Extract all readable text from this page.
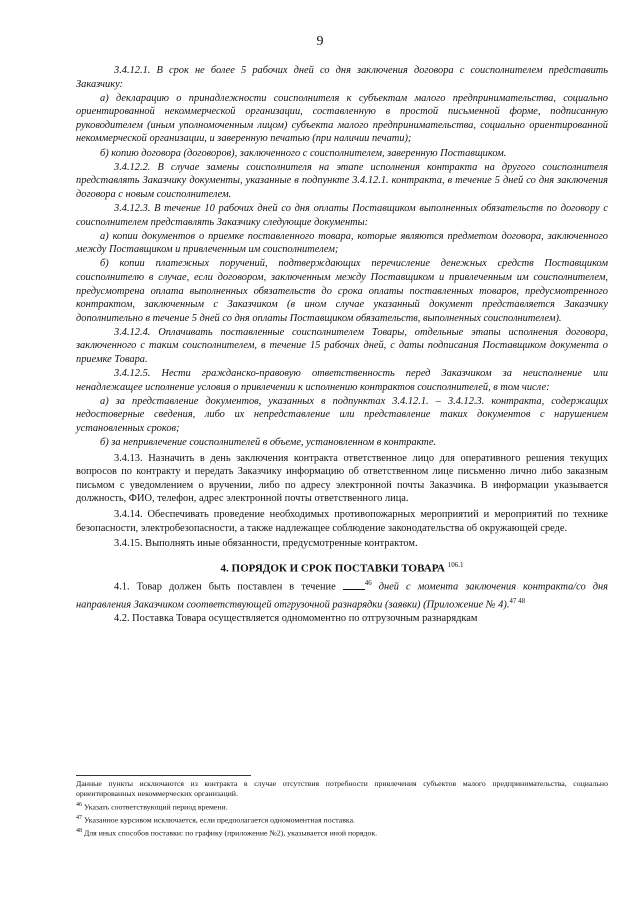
9

3.4.12.1. В срок не более 5 рабочих дней со дня заключения договора с соисполнителем представить Заказчику:

а) декларацию о принадлежности соисполнителя к субъектам малого предпринимательства, социально ориентированной некоммерческой организации, составленную в простой письменной форме, подписанную руководителем (иным уполномоченным лицом) субъекта малого предпринимательства, социально ориентированной некоммерческой организации, и заверенную печатью (при наличии печати);

б) копию договора (договоров), заключенного с соисполнителем, заверенную Поставщиком.

3.4.12.2. В случае замены соисполнителя на этапе исполнения контракта на другого соисполнителя представлять Заказчику документы, указанные в подпункте 3.4.12.1. контракта, в течение 5 дней со дня заключения договора с новым соисполнителем.

3.4.12.3. В течение 10 рабочих дней со дня оплаты Поставщиком выполненных обязательств по договору с соисполнителем представлять Заказчику следующие документы:

а) копии документов о приемке поставленного товара, которые являются предметом договора, заключенного между Поставщиком и привлеченным им соисполнителем;

б) копии платежных поручений, подтверждающих перечисление денежных средств Поставщиком соисполнителю в случае, если договором, заключенным между Поставщиком и привлеченным им соисполнителем, предусмотрена оплата выполненных обязательств до срока оплаты поставленных товаров, предусмотренного контрактом, заключенным с Заказчиком (в ином случае указанный документ представляется Заказчику дополнительно в течение 5 дней со дня оплаты Поставщиком обязательств, выполненных соисполнителем).

3.4.12.4. Оплачивать поставленные соисполнителем Товары, отдельные этапы исполнения договора, заключенного с таким соисполнителем, в течение 15 рабочих дней, с даты подписания Поставщиком документа о приемке Товара.

3.4.12.5. Нести гражданско-правовую ответственность перед Заказчиком за неисполнение или ненадлежащее исполнение условия о привлечении к исполнению контрактов соисполнителей, в том числе:

а) за представление документов, указанных в подпунктах 3.4.12.1. – 3.4.12.3. контракта, содержащих недостоверные сведения, либо их непредставление или представление таких документов с нарушением установленных сроков;

б) за непривлечение соисполнителей в объеме, установленном в контракте.

3.4.13. Назначить в день заключения контракта ответственное лицо для оперативного решения текущих вопросов по контракту и передать Заказчику информацию об ответственном лице письменно лично либо заказным письмом с уведомлением о вручении, либо по адресу электронной почты Заказчика. В информации указывается должность, ФИО, телефон, адрес электронной почты ответственного лица.

3.4.14. Обеспечивать проведение необходимых противопожарных мероприятий и мероприятий по технике безопасности, электробезопасности, а также надлежащее соблюдение законодательства об окружающей среде.

3.4.15. Выполнять иные обязанности, предусмотренные контрактом.

4. ПОРЯДОК И СРОК ПОСТАВКИ ТОВАРА $^{106.1}$

4.1. Товар должен быть поставлен в течение	$^{46}$ дней с момента заключения контракта/со дня направления Заказчиком соответствующей отгрузочной разнарядки (заявки) (Приложение № 4).$^{47 48}$

4.2. Поставка Товара осуществляется одномоментно по отгрузочным разнарядкам

Данные пункты исключаются из контракта в случае отсутствия потребности привлечения субъектов малого предпринимательства, социально ориентированных некоммерческих организаций.

$^{46}$ Указать соответствующий период времени.

$^{47}$ Указанное курсивом исключается, если предполагается одномоментная поставка.

$^{48}$ Для иных способов поставки: по графику (приложение №2), указывается иной порядок.
